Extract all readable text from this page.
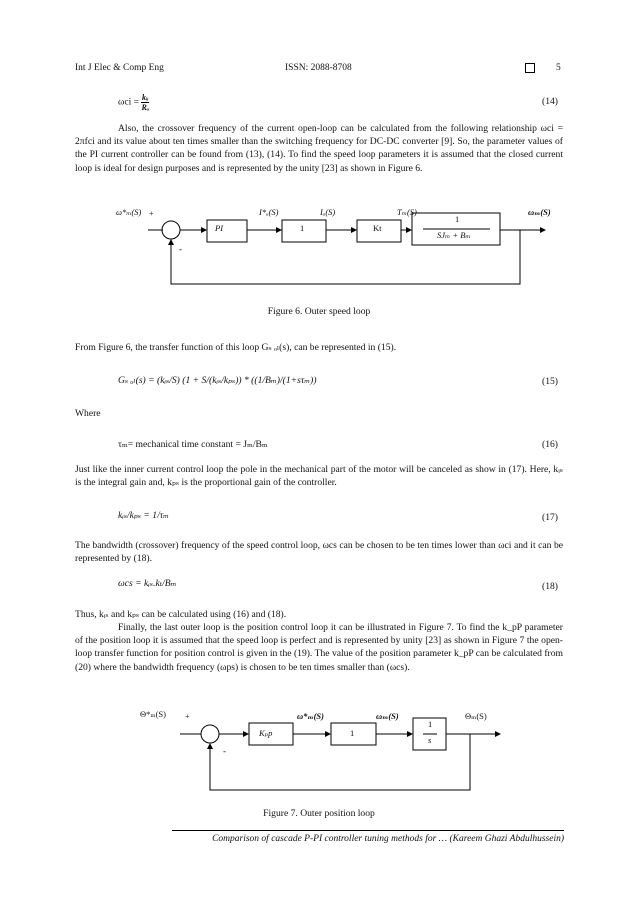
Int J Elec & Comp Eng	ISSN: 2088-8708	5
ωci = kᵢᵢ
Rₐ
(14)
Also, the crossover frequency of the current open-loop can be calculated from the following relationship ωci = 2πfci and its value about ten times smaller than the switching frequency for DC-DC converter [9]. So, the parameter values of the PI current controller can be found from (13), (14). To find the speed loop parameters it is assumed that the closed current loop is ideal for design purposes and is represented by the unity [23] as shown in Figure 6.
ω*ₘ(S) +
-
PI
I*ₐ(S)
1
Iₐ(S)
Kt
Tₘ(S)
1
SJₘ + Bₘ
ωₘ(S)
Figure 6. Outer speed loop
From Figure 6, the transfer function of this loop Gₛ ₒₗ(s), can be represented in (15).
Gₛ ₒₗ(s) = (kᵢₛ/S) (1 + S/(kᵢₛ/kₚₛ)) * ((1/Bₘ)/(1+sτₘ))	(15)
Where
τₘ= mechanical time constant = Jₘ/Bₘ	(16)
Just like the inner current control loop the pole in the mechanical part of the motor will be canceled as show in (17). Here, kᵢₛ is the integral gain and, kₚₛ is the proportional gain of the controller.
kᵢₛ/kₚₛ = 1/τₘ	(17)
The bandwidth (crossover) frequency of the speed control loop, ωcs can be chosen to be ten times lower than ωci and it can be represented by (18).
ωcs = kᵢₛ.kₜ/Bₘ	(18)
Thus, kᵢₛ and kₚₛ can be calculated using (16) and (18).
Finally, the last outer loop is the position control loop it can be illustrated in Figure 7. To find the k_pP parameter of the position loop it is assumed that the speed loop is perfect and is represented by unity [23] as shown in Figure 7 the open-loop transfer function for position control is given in the (19). The value of the position parameter k_pP can be calculated from (20) where the bandwidth frequency (ωps) is chosen to be ten times smaller than (ωcs).
Θ*ₘ(S) +
-
Kₚp
ω*ₘ(S)
1
ωₘ(S)
1
s
Θₘ(S)
Figure 7. Outer position loop
Comparison of cascade P-PI controller tuning methods for … (Kareem Ghazi Abdulhussein)
